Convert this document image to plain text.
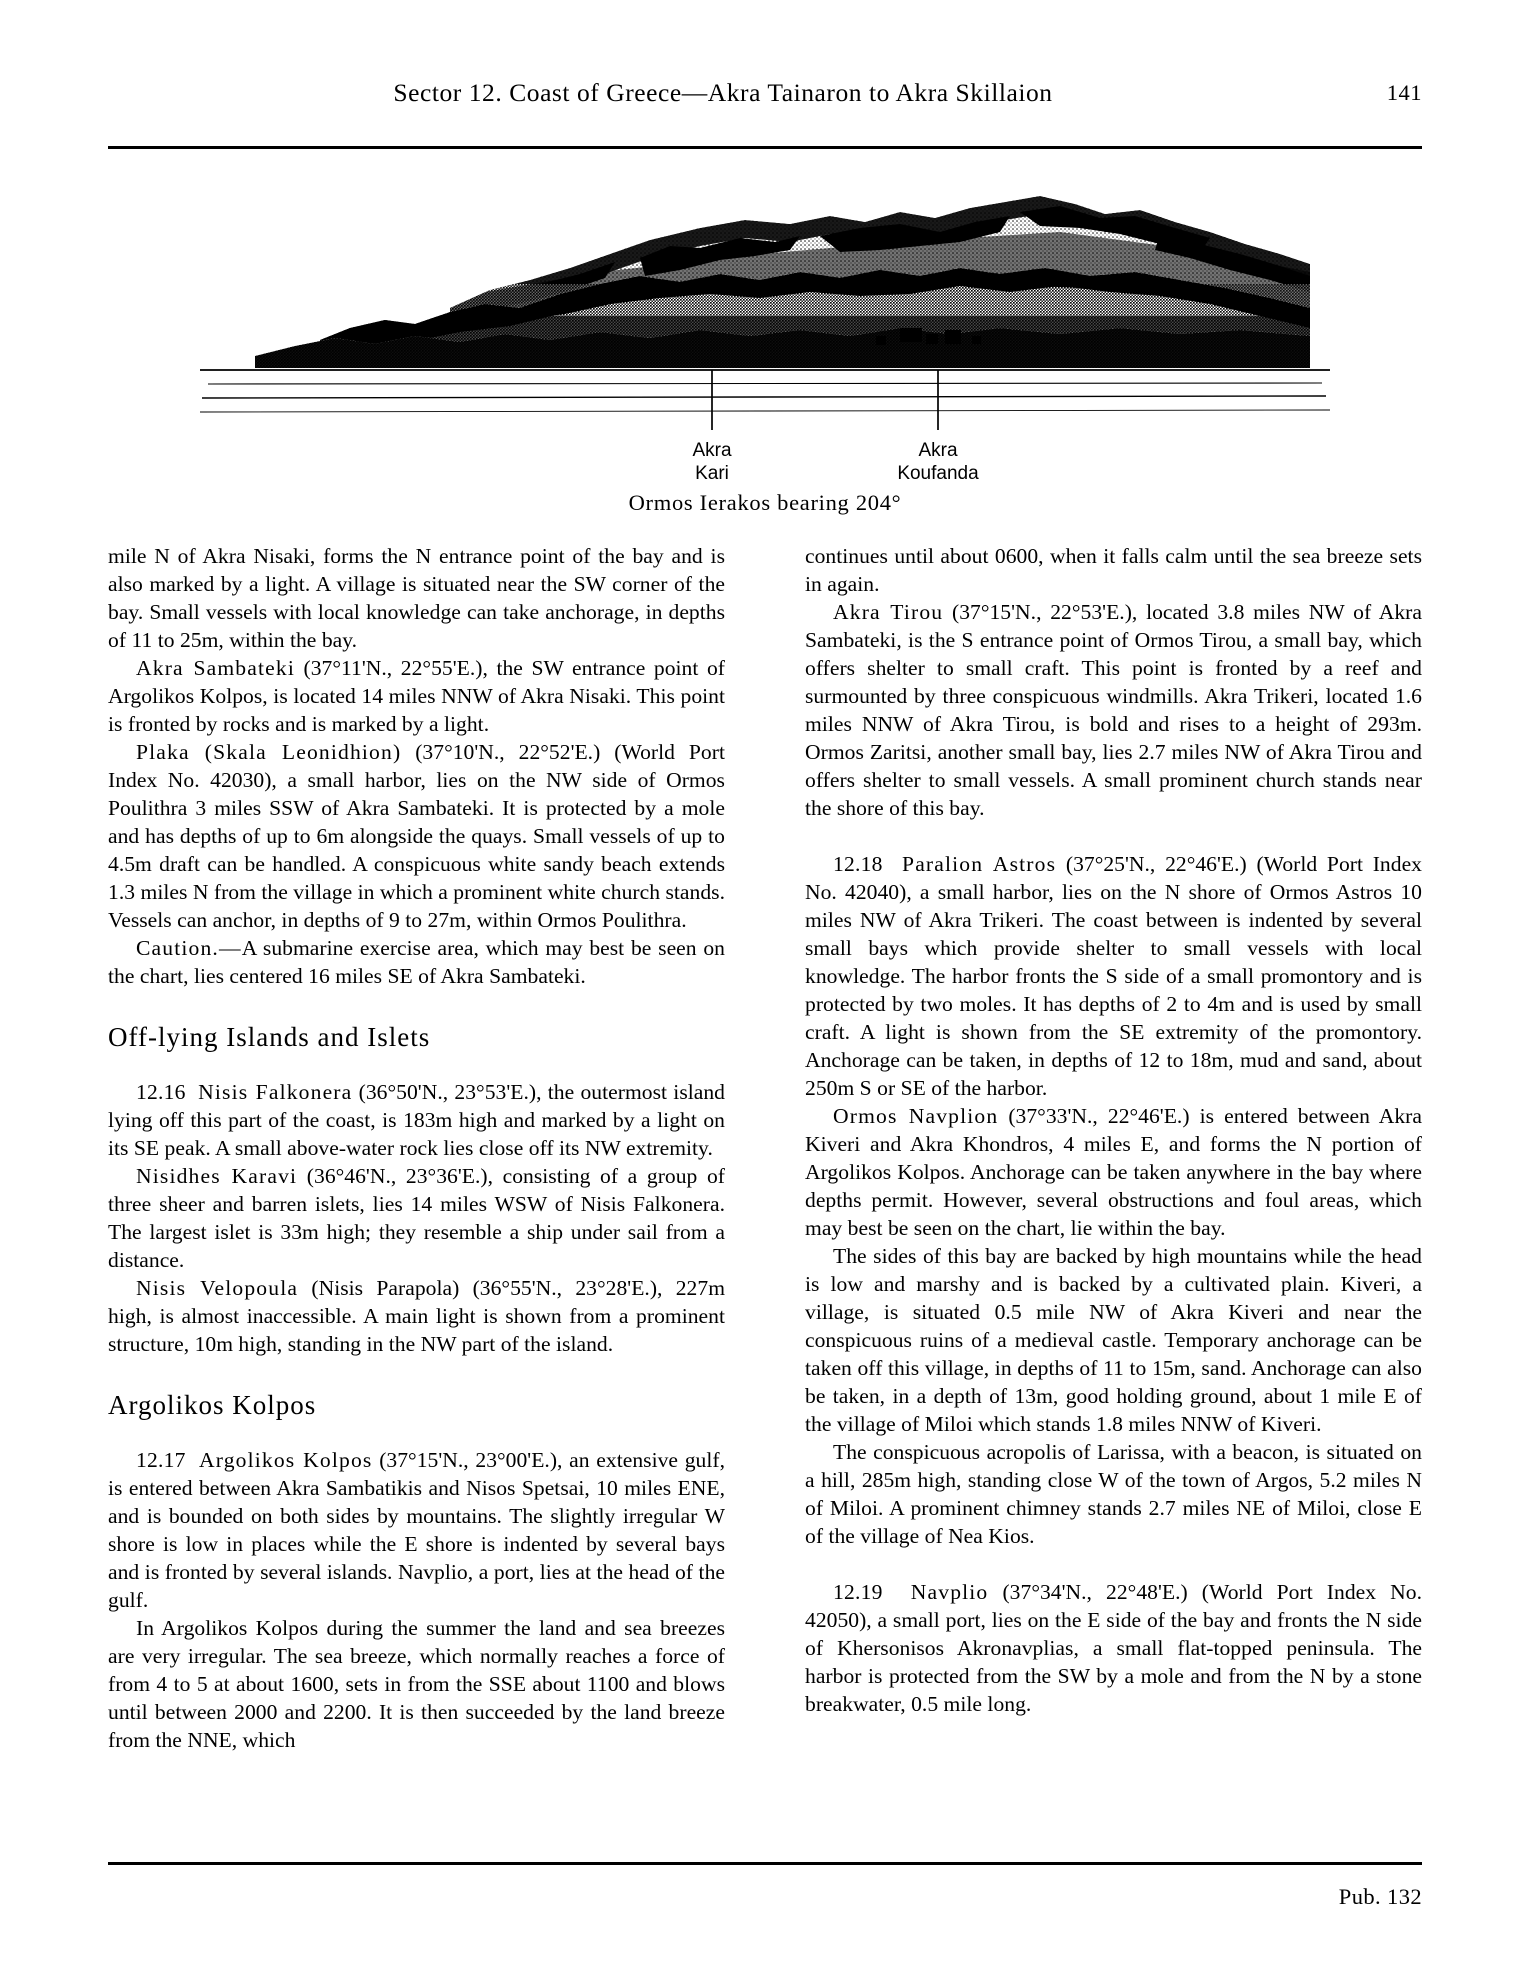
Sector 12. Coast of Greece—Akra Tainaron to Akra Skillaion	141
Akra
Kari
Akra
Koufanda
Ormos Ierakos bearing 204°

mile N of Akra Nisaki, forms the N entrance point of the bay and is also marked by a light. A village is situated near the SW corner of the bay. Small vessels with local knowledge can take anchorage, in depths of 11 to 25m, within the bay.

Akra Sambateki (37°11'N., 22°55'E.), the SW entrance point of Argolikos Kolpos, is located 14 miles NNW of Akra Nisaki. This point is fronted by rocks and is marked by a light.

Plaka (Skala Leonidhion) (37°10'N., 22°52'E.) (World Port Index No. 42030), a small harbor, lies on the NW side of Ormos Poulithra 3 miles SSW of Akra Sambateki. It is protected by a mole and has depths of up to 6m alongside the quays. Small vessels of up to 4.5m draft can be handled. A conspicuous white sandy beach extends 1.3 miles N from the village in which a prominent white church stands. Vessels can anchor, in depths of 9 to 27m, within Ormos Poulithra.

Caution.—A submarine exercise area, which may best be seen on the chart, lies centered 16 miles SE of Akra Sambateki.

Off-lying Islands and Islets

12.16 Nisis Falkonera (36°50'N., 23°53'E.), the outermost island lying off this part of the coast, is 183m high and marked by a light on its SE peak. A small above-water rock lies close off its NW extremity.

Nisidhes Karavi (36°46'N., 23°36'E.), consisting of a group of three sheer and barren islets, lies 14 miles WSW of Nisis Falkonera. The largest islet is 33m high; they resemble a ship under sail from a distance.

Nisis Velopoula (Nisis Parapola) (36°55'N., 23°28'E.), 227m high, is almost inaccessible. A main light is shown from a prominent structure, 10m high, standing in the NW part of the island.

Argolikos Kolpos

12.17 Argolikos Kolpos (37°15'N., 23°00'E.), an extensive gulf, is entered between Akra Sambatikis and Nisos Spetsai, 10 miles ENE, and is bounded on both sides by mountains. The slightly irregular W shore is low in places while the E shore is indented by several bays and is fronted by several islands. Navplio, a port, lies at the head of the gulf.

In Argolikos Kolpos during the summer the land and sea breezes are very irregular. The sea breeze, which normally reaches a force of from 4 to 5 at about 1600, sets in from the SSE about 1100 and blows until between 2000 and 2200. It is then succeeded by the land breeze from the NNE, which

continues until about 0600, when it falls calm until the sea breeze sets in again.

Akra Tirou (37°15'N., 22°53'E.), located 3.8 miles NW of Akra Sambateki, is the S entrance point of Ormos Tirou, a small bay, which offers shelter to small craft. This point is fronted by a reef and surmounted by three conspicuous windmills. Akra Trikeri, located 1.6 miles NNW of Akra Tirou, is bold and rises to a height of 293m. Ormos Zaritsi, another small bay, lies 2.7 miles NW of Akra Tirou and offers shelter to small vessels. A small prominent church stands near the shore of this bay.

12.18 Paralion Astros (37°25'N., 22°46'E.) (World Port Index No. 42040), a small harbor, lies on the N shore of Ormos Astros 10 miles NW of Akra Trikeri. The coast between is indented by several small bays which provide shelter to small vessels with local knowledge. The harbor fronts the S side of a small promontory and is protected by two moles. It has depths of 2 to 4m and is used by small craft. A light is shown from the SE extremity of the promontory. Anchorage can be taken, in depths of 12 to 18m, mud and sand, about 250m S or SE of the harbor.

Ormos Navplion (37°33'N., 22°46'E.) is entered between Akra Kiveri and Akra Khondros, 4 miles E, and forms the N portion of Argolikos Kolpos. Anchorage can be taken anywhere in the bay where depths permit. However, several obstructions and foul areas, which may best be seen on the chart, lie within the bay.

The sides of this bay are backed by high mountains while the head is low and marshy and is backed by a cultivated plain. Kiveri, a village, is situated 0.5 mile NW of Akra Kiveri and near the conspicuous ruins of a medieval castle. Temporary anchorage can be taken off this village, in depths of 11 to 15m, sand. Anchorage can also be taken, in a depth of 13m, good holding ground, about 1 mile E of the village of Miloi which stands 1.8 miles NNW of Kiveri.

The conspicuous acropolis of Larissa, with a beacon, is situated on a hill, 285m high, standing close W of the town of Argos, 5.2 miles N of Miloi. A prominent chimney stands 2.7 miles NE of Miloi, close E of the village of Nea Kios.

12.19 Navplio (37°34'N., 22°48'E.) (World Port Index No. 42050), a small port, lies on the E side of the bay and fronts the N side of Khersonisos Akronavplias, a small flat-topped peninsula. The harbor is protected from the SW by a mole and from the N by a stone breakwater, 0.5 mile long.

Pub. 132
